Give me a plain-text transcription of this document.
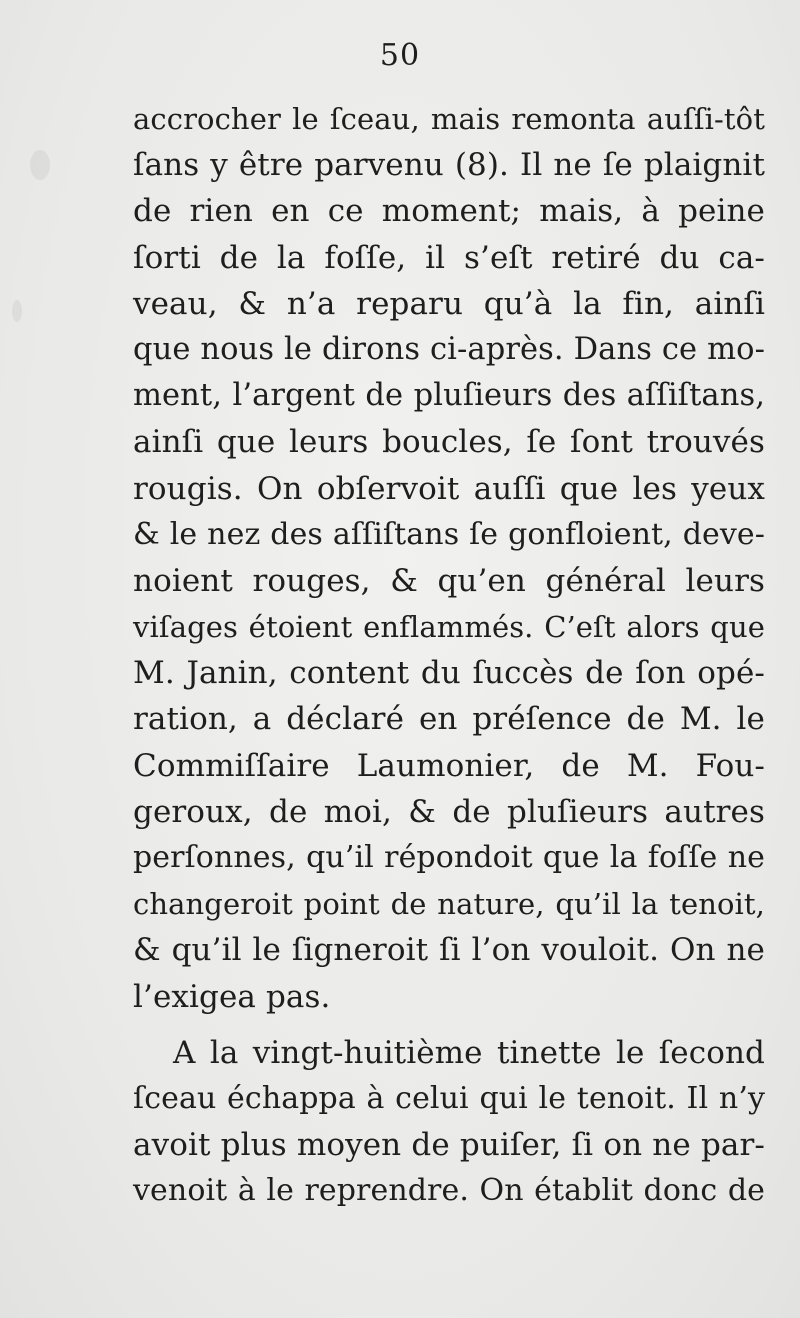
50
accrocher le ſceau, mais remonta auſſi-tôt
ſans y être parvenu (8). Il ne ſe plaignit
de rien en ce moment; mais, à peine
ſorti de la foſſe, il s’eſt retiré du ca-
veau, & n’a reparu qu’à la fin, ainſi
que nous le dirons ci-après. Dans ce mo-
ment, l’argent de pluſieurs des aſſiſtans,
ainſi que leurs boucles, ſe ſont trouvés
rougis. On obſervoit auſſi que les yeux
& le nez des aſſiſtans ſe gonfloient, deve-
noient rouges, & qu’en général leurs
viſages étoient enflammés. C’eſt alors que
M. Janin, content du ſuccès de ſon opé-
ration, a déclaré en préſence de M. le
Commiſſaire Laumonier, de M. Fou-
geroux, de moi, & de pluſieurs autres
perſonnes, qu’il répondoit que la foſſe ne
changeroit point de nature, qu’il la tenoit,
& qu’il le ſigneroit ſi l’on vouloit. On ne
l’exigea pas.
A la vingt-huitième tinette le ſecond
ſceau échappa à celui qui le tenoit. Il n’y
avoit plus moyen de puiſer, ſi on ne par-
venoit à le reprendre. On établit donc de
